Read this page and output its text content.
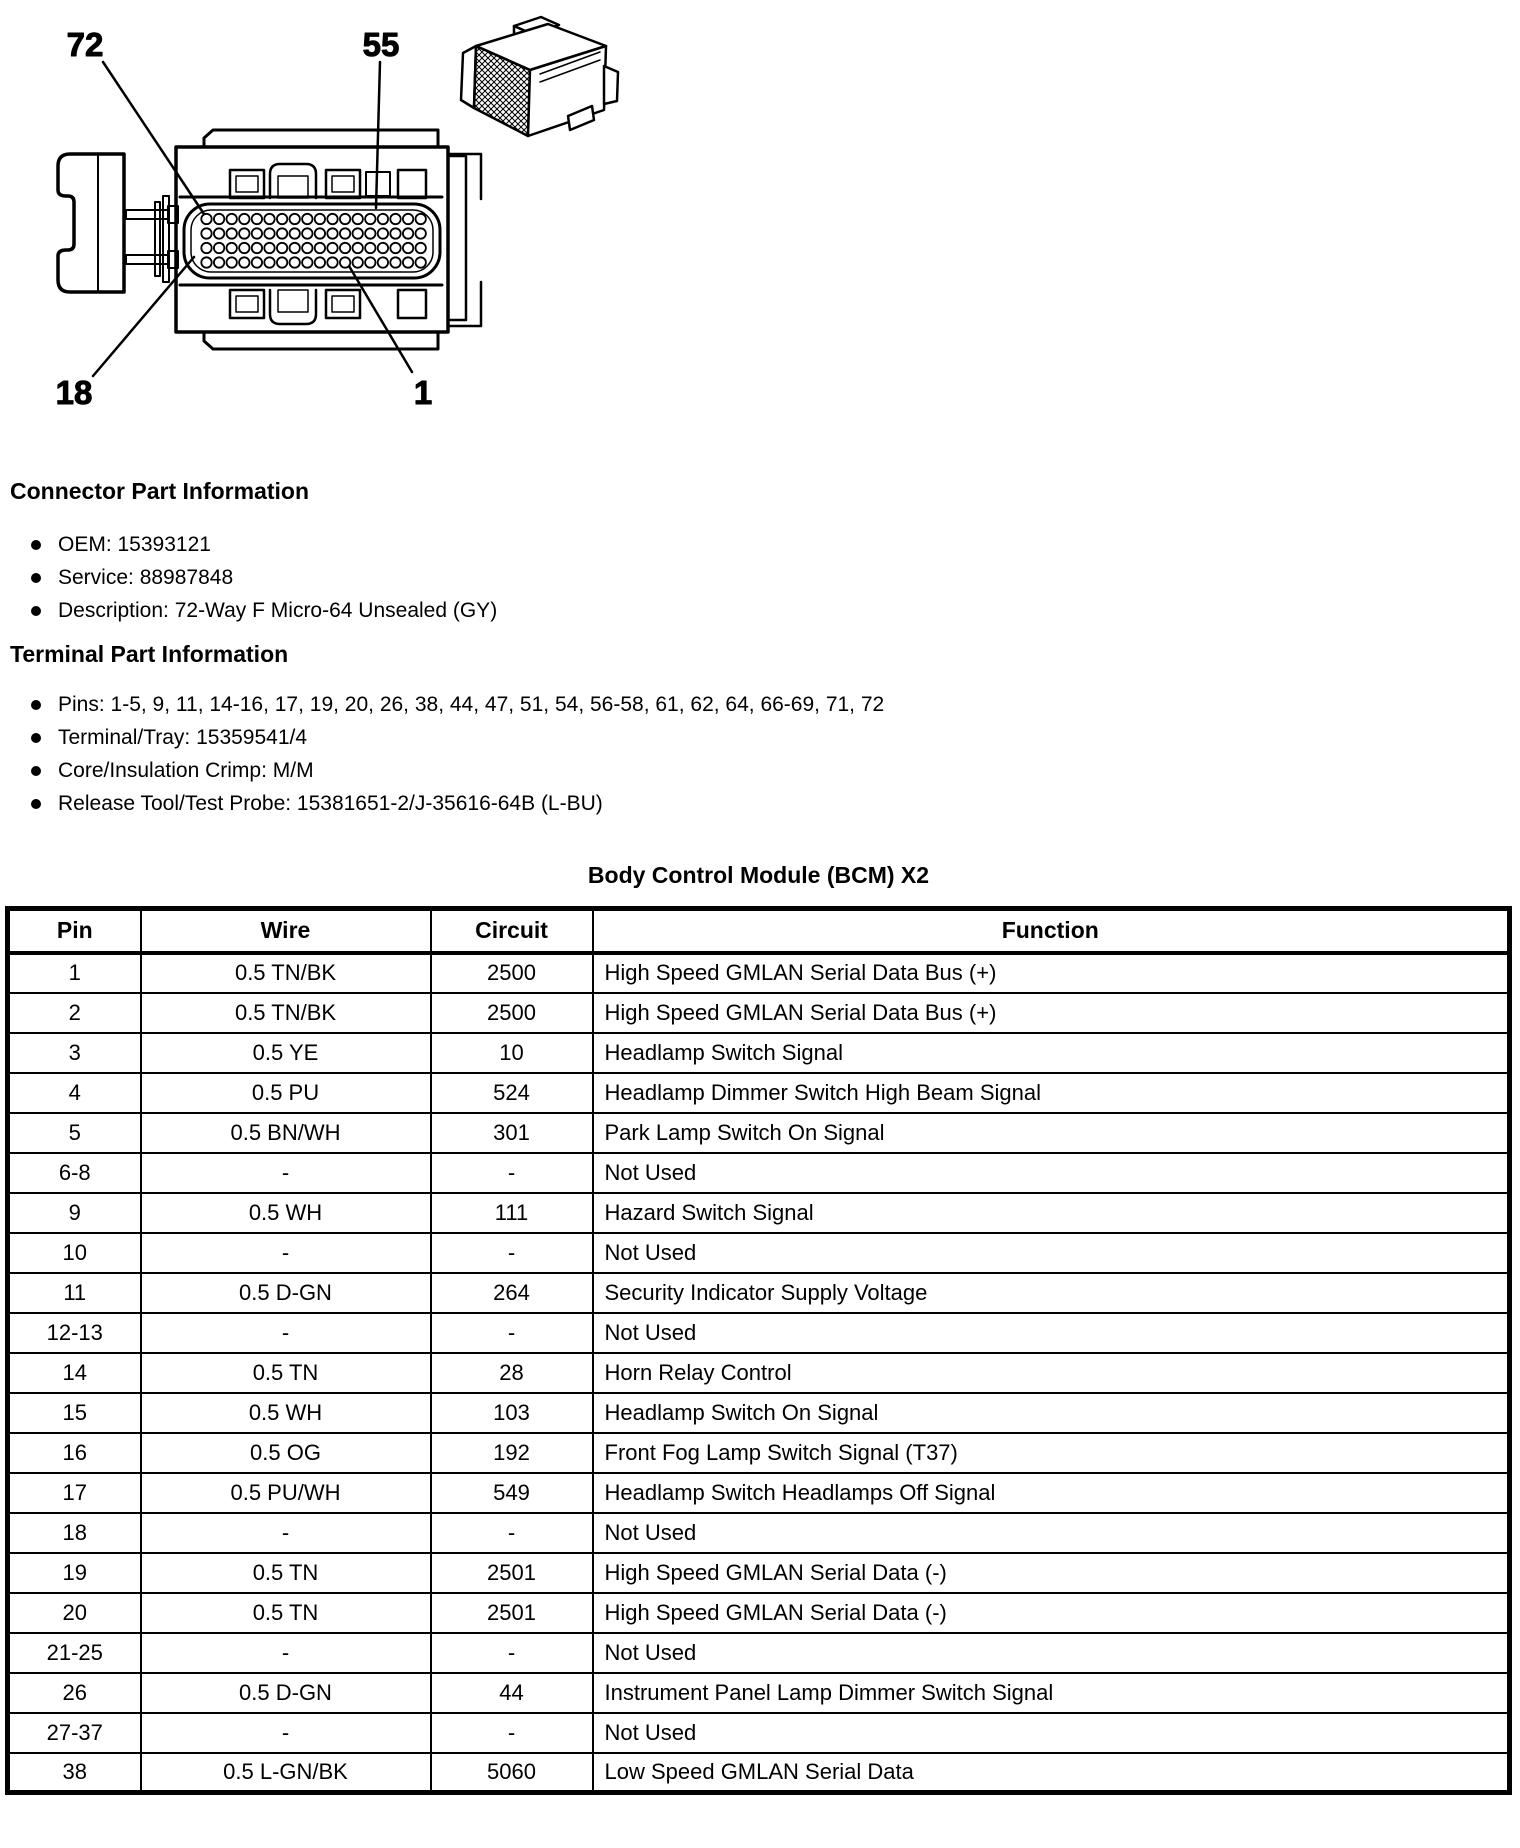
72	55
18	1
Connector Part Information
OEM: 15393121
Service: 88987848
Description: 72-Way F Micro-64 Unsealed (GY)
Terminal Part Information
Pins: 1-5, 9, 11, 14-16, 17, 19, 20, 26, 38, 44, 47, 51, 54, 56-58, 61, 62, 64, 66-69, 71, 72
Terminal/Tray: 15359541/4
Core/Insulation Crimp: M/M
Release Tool/Test Probe: 15381651-2/J-35616-64B (L-BU)
Body Control Module (BCM) X2
Pin	Wire	Circuit	Function
1	0.5 TN/BK	2500	High Speed GMLAN Serial Data Bus (+)
2	0.5 TN/BK	2500	High Speed GMLAN Serial Data Bus (+)
3	0.5 YE	10	Headlamp Switch Signal
4	0.5 PU	524	Headlamp Dimmer Switch High Beam Signal
5	0.5 BN/WH	301	Park Lamp Switch On Signal
6-8	-	-	Not Used
9	0.5 WH	111	Hazard Switch Signal
10	-	-	Not Used
11	0.5 D-GN	264	Security Indicator Supply Voltage
12-13	-	-	Not Used
14	0.5 TN	28	Horn Relay Control
15	0.5 WH	103	Headlamp Switch On Signal
16	0.5 OG	192	Front Fog Lamp Switch Signal (T37)
17	0.5 PU/WH	549	Headlamp Switch Headlamps Off Signal
18	-	-	Not Used
19	0.5 TN	2501	High Speed GMLAN Serial Data (-)
20	0.5 TN	2501	High Speed GMLAN Serial Data (-)
21-25	-	-	Not Used
26	0.5 D-GN	44	Instrument Panel Lamp Dimmer Switch Signal
27-37	-	-	Not Used
38	0.5 L-GN/BK	5060	Low Speed GMLAN Serial Data
